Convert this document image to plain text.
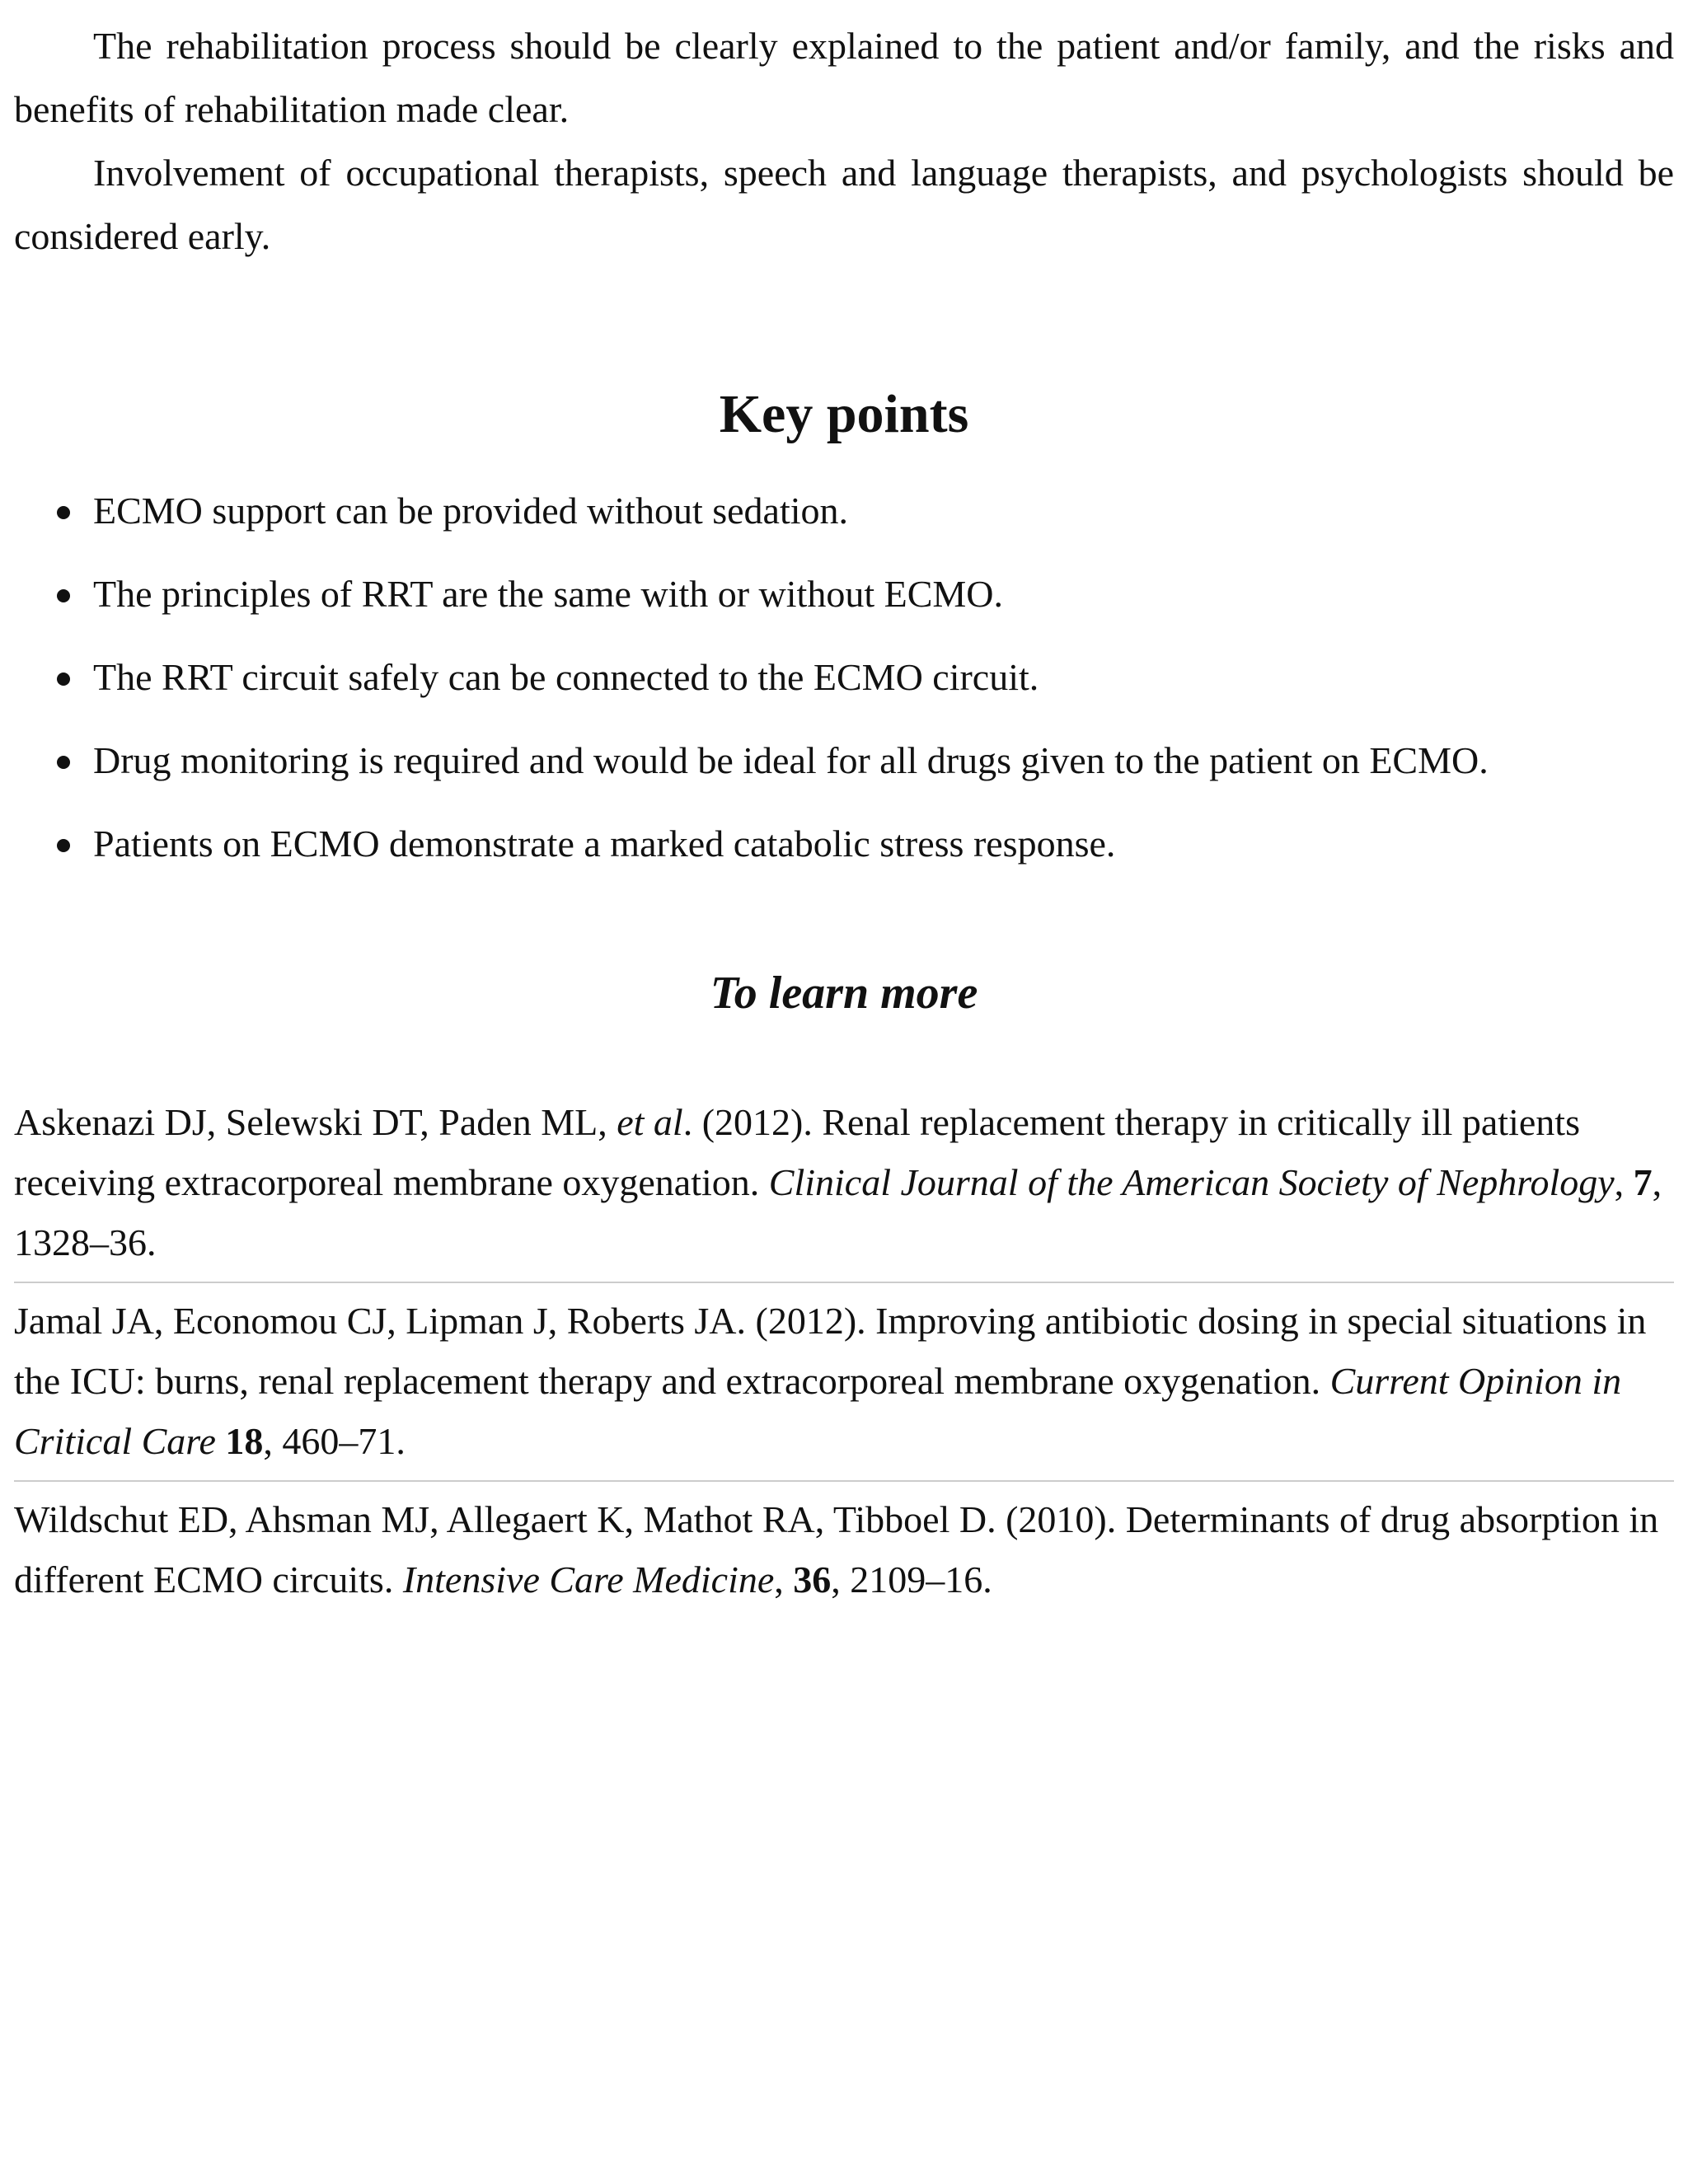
The rehabilitation process should be clearly explained to the patient and/or family, and the risks and benefits of rehabilitation made clear.

Involvement of occupational therapists, speech and language therapists, and psychologists should be considered early.

Key points
ECMO support can be provided without sedation.
The principles of RRT are the same with or without ECMO.
The RRT circuit safely can be connected to the ECMO circuit.
Drug monitoring is required and would be ideal for all drugs given to the patient on ECMO.
Patients on ECMO demonstrate a marked catabolic stress response.
To learn more

Askenazi DJ, Selewski DT, Paden ML, et al. (2012). Renal replacement therapy in critically ill patients receiving extracorporeal membrane oxygenation. Clinical Journal of the American Society of Nephrology, 7, 1328–36.

Jamal JA, Economou CJ, Lipman J, Roberts JA. (2012). Improving antibiotic dosing in special situations in the ICU: burns, renal replacement therapy and extracorporeal membrane oxygenation. Current Opinion in Critical Care 18, 460–71.

Wildschut ED, Ahsman MJ, Allegaert K, Mathot RA, Tibboel D. (2010). Determinants of drug absorption in different ECMO circuits. Intensive Care Medicine, 36, 2109–16.
